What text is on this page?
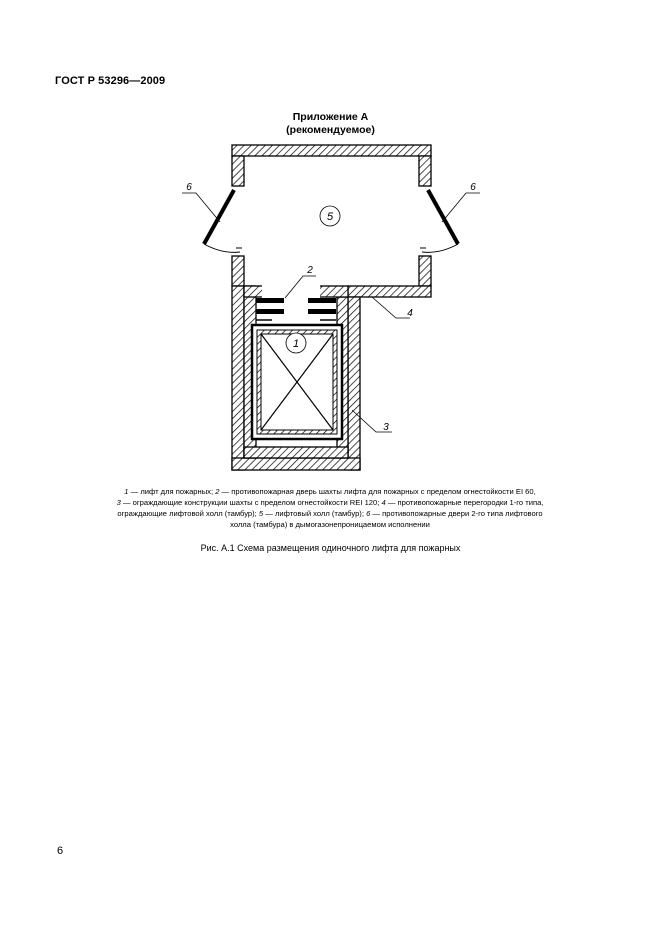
ГОСТ Р 53296—2009
Приложение А
(рекомендуемое)
5
1
6	6
2
4
3
1 — лифт для пожарных; 2 — противопожарная дверь шахты лифта для пожарных с пределом огнестойкости EI 60,
3 — ограждающие конструкции шахты с пределом огнестойкости REI 120; 4 — противопожарные перегородки 1-го типа,
ограждающие лифтовой холл (тамбур); 5 — лифтовый холл (тамбур); 6 — противопожарные двери 2-го типа лифтового
холла (тамбура) в дымогазонепроницаемом исполнении
Рис. А.1 Схема размещения одиночного лифта для пожарных
6
